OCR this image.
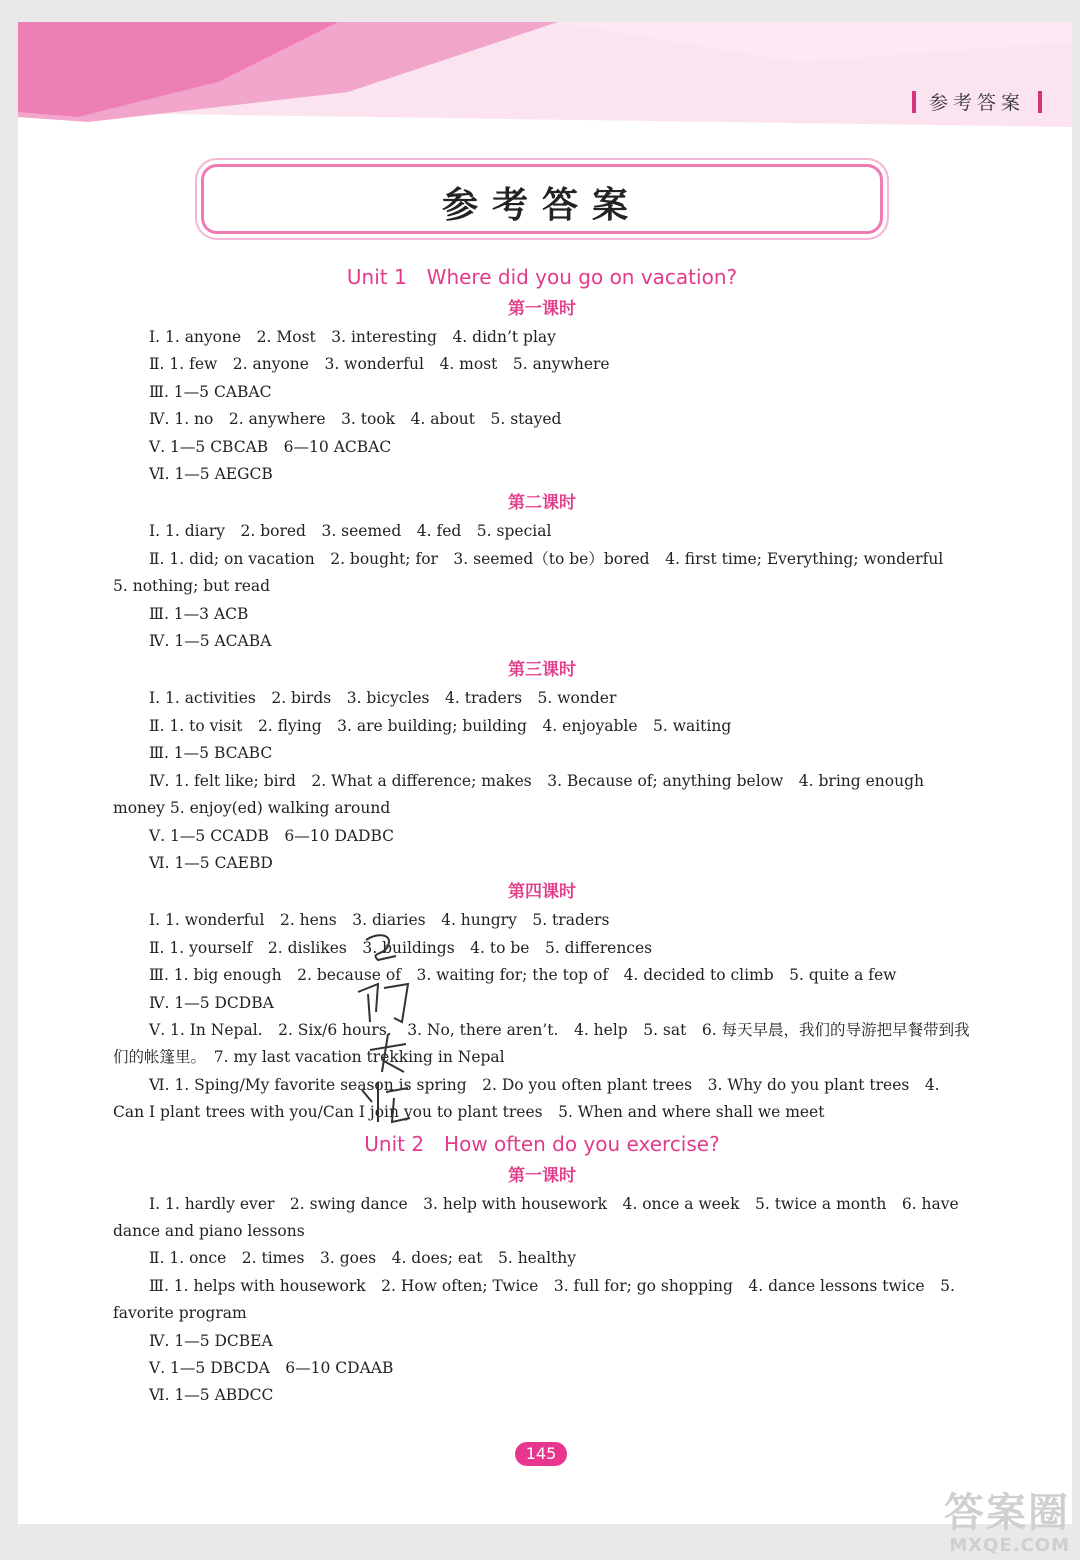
参考答案
参考答案
Unit 1　Where did you go on vacation?
第一课时
Ⅰ. 1. anyone　2. Most　3. interesting　4. didn’t play
Ⅱ. 1. few　2. anyone　3. wonderful　4. most　5. anywhere
Ⅲ. 1—5 CABAC
Ⅳ. 1. no　2. anywhere　3. took　4. about　5. stayed
Ⅴ. 1—5 CBCAB　6—10 ACBAC
Ⅵ. 1—5 AEGCB
第二课时
Ⅰ. 1. diary　2. bored　3. seemed　4. fed　5. special
Ⅱ. 1. did; on vacation　2. bought; for　3. seemed（to be）bored　4. first time; Everything; wonderful　5. nothing; but read
Ⅲ. 1—3 ACB
Ⅳ. 1—5 ACABA
第三课时
Ⅰ. 1. activities　2. birds　3. bicycles　4. traders　5. wonder
Ⅱ. 1. to visit　2. flying　3. are building; building　4. enjoyable　5. waiting
Ⅲ. 1—5 BCABC
Ⅳ. 1. felt like; bird　2. What a difference; makes　3. Because of; anything below　4. bring enough money 5. enjoy(ed) walking around
Ⅴ. 1—5 CCADB　6—10 DADBC
Ⅵ. 1—5 CAEBD
第四课时
Ⅰ. 1. wonderful　2. hens　3. diaries　4. hungry　5. traders
Ⅱ. 1. yourself　2. dislikes　3. buildings　4. to be　5. differences
Ⅲ. 1. big enough　2. because of　3. waiting for; the top of　4. decided to climb　5. quite a few
Ⅳ. 1—5 DCDBA
Ⅴ. 1. In Nepal.　2. Six/6 hours.　3. No, there aren’t.　4. help　5. sat　6. 每天早晨，我们的导游把早餐带到我们的帐篷里。　7. my last vacation trekking in Nepal
Ⅵ. 1. Sping/My favorite season is spring　2. Do you often plant trees　3. Why do you plant trees　4. Can I plant trees with you/Can I join you to plant trees　5. When and where shall we meet
Unit 2　How often do you exercise?
第一课时
Ⅰ. 1. hardly ever　2. swing dance　3. help with housework　4. once a week　5. twice a month　6. have dance and piano lessons
Ⅱ. 1. once　2. times　3. goes　4. does; eat　5. healthy
Ⅲ. 1. helps with housework　2. How often; Twice　3. full for; go shopping　4. dance lessons twice　5. favorite program
Ⅳ. 1—5 DCBEA
Ⅴ. 1—5 DBCDA　6—10 CDAAB
Ⅵ. 1—5 ABDCC
145
答案圈
MXQE.COM
